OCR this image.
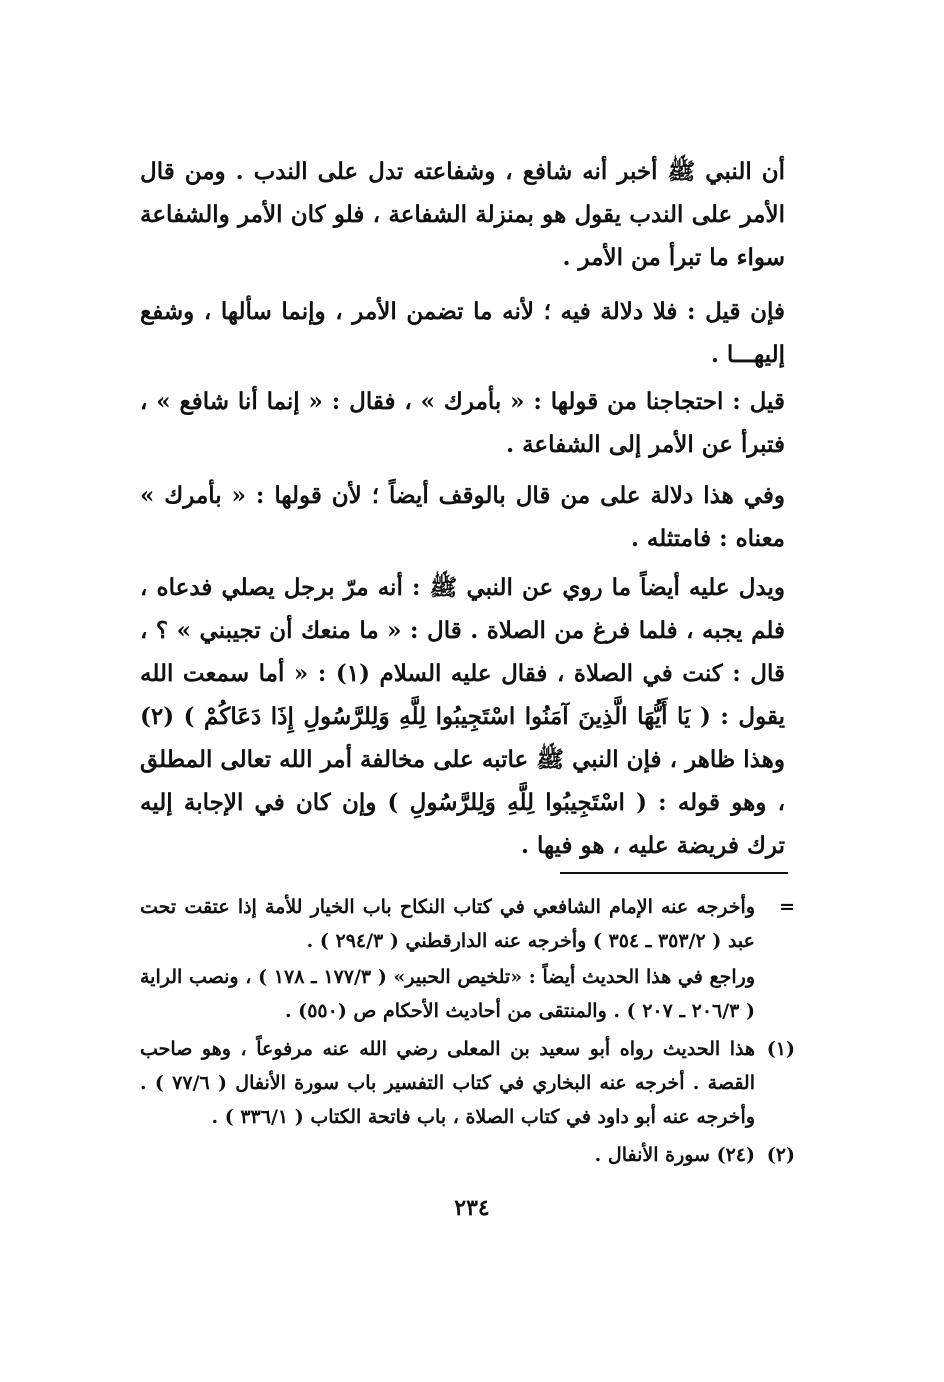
أن النبي ﷺ أخبر أنه شافع ، وشفاعته تدل على الندب . ومن قال الأمر على الندب يقول هو بمنزلة الشفاعة ، فلو كان الأمر والشفاعة سواء ما تبرأ من الأمر .

فإن قيل : فلا دلالة فيه ؛ لأنه ما تضمن الأمر ، وإنما سألها ، وشفع إليهـــا .

قيل : احتجاجنا من قولها : « بأمرك » ، فقال : « إنما أنا شافع » ، فتبرأ عن الأمر إلى الشفاعة .

وفي هذا دلالة على من قال بالوقف أيضاً ؛ لأن قولها : « بأمرك » معناه : فامتثله .

ويدل عليه أيضاً ما روي عن النبي ﷺ : أنه مرّ برجل يصلي فدعاه ، فلم يجبه ، فلما فرغ من الصلاة . قال : « ما منعك أن تجيبني » ؟ ، قال : كنت في الصلاة ، فقال عليه السلام (١) : « أما سمعت الله يقول : ( يَا أَيُّهَا الَّذِينَ آمَنُوا اسْتَجِيبُوا لِلَّهِ وَلِلرَّسُولِ إِذَا دَعَاكُمْ ) (٢) وهذا ظاهر ، فإن النبي ﷺ عاتبه على مخالفة أمر الله تعالى المطلق ، وهو قوله : ( اسْتَجِيبُوا لِلَّهِ وَلِلرَّسُولِ ) وإن كان في الإجابة إليه ترك فريضة عليه ، هو فيها .

=
وأخرجه عنه الإمام الشافعي في كتاب النكاح باب الخيار للأمة إذا عتقت تحت عبد ( ٣٥٣/٢ ـ ٣٥٤ ) وأخرجه عنه الدارقطني ( ٢٩٤/٣ ) .
وراجع في هذا الحديث أيضاً : «تلخيص الحبير» ( ١٧٧/٣ ـ ١٧٨ ) ، ونصب الراية ( ٢٠٦/٣ ـ ٢٠٧ ) . والمنتقى من أحاديث الأحكام ص (٥٥٠) .
(١)
هذا الحديث رواه أبو سعيد بن المعلى رضي الله عنه مرفوعاً ، وهو صاحب القصة . أخرجه عنه البخاري في كتاب التفسير باب سورة الأنفال ( ٧٧/٦ ) . وأخرجه عنه أبو داود في كتاب الصلاة ، باب فاتحة الكتاب ( ٣٣٦/١ ) .
(٢)
(٢٤) سورة الأنفال .
٢٣٤
